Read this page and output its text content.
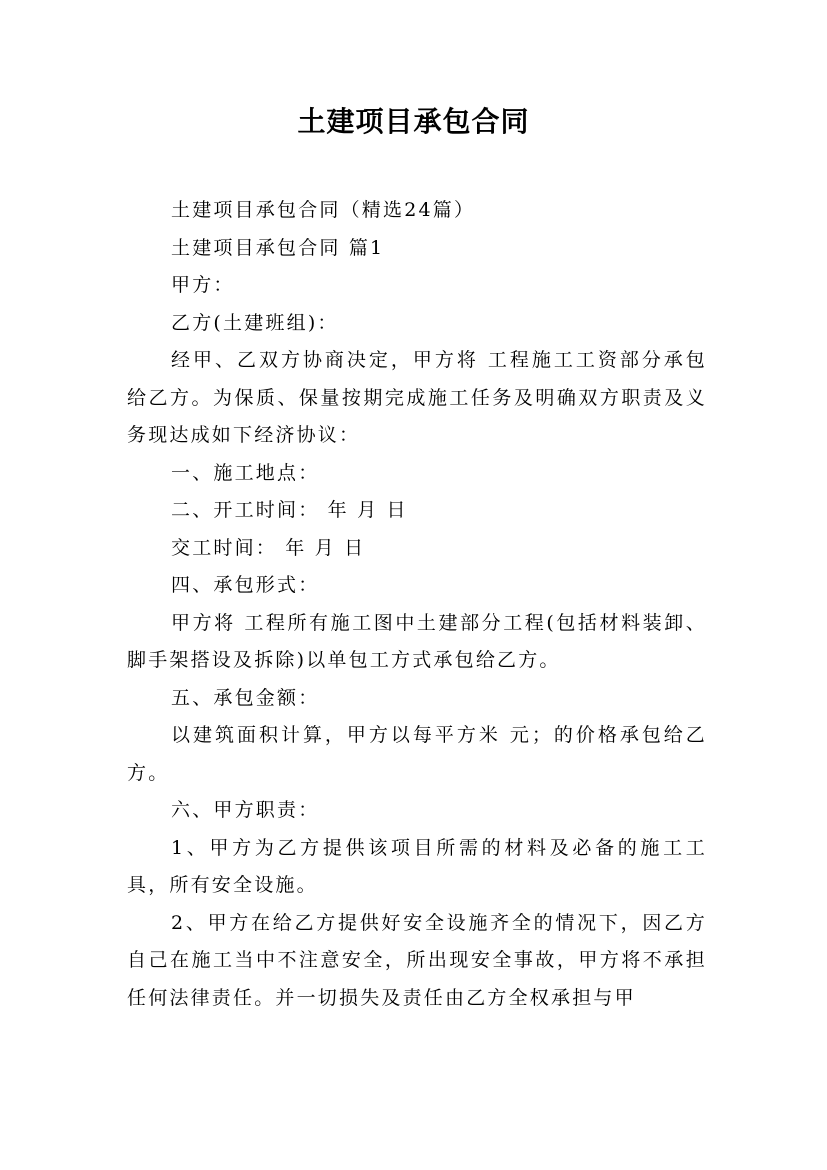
土建项目承包合同

土建项目承包合同（精选24篇）

土建项目承包合同 篇1

甲方：

乙方(土建班组)：

经甲、乙双方协商决定，甲方将 工程施工工资部分承包给乙方。为保质、保量按期完成施工任务及明确双方职责及义务现达成如下经济协议：

一、施工地点：

二、开工时间： 年 月 日

交工时间： 年 月 日

四、承包形式：

甲方将 工程所有施工图中土建部分工程(包括材料装卸、脚手架搭设及拆除)以单包工方式承包给乙方。

五、承包金额：

以建筑面积计算，甲方以每平方米 元；的价格承包给乙方。

六、甲方职责：

1、甲方为乙方提供该项目所需的材料及必备的施工工具，所有安全设施。

2、甲方在给乙方提供好安全设施齐全的情况下，因乙方自己在施工当中不注意安全，所出现安全事故，甲方将不承担任何法律责任。并一切损失及责任由乙方全权承担与甲
